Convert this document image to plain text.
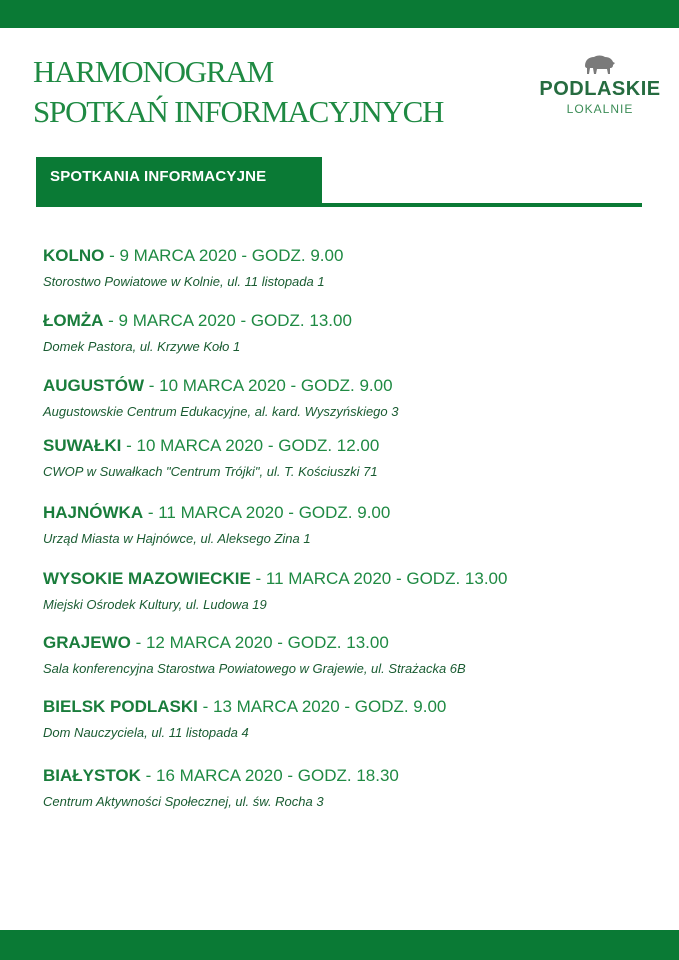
HARMONOGRAM
SPOTKAŃ INFORMACYJNYCH
PODLASKIE
LOKALNIE
SPOTKANIA INFORMACYJNE
KOLNO - 9 MARCA 2020 - GODZ. 9.00
Storostwo Powiatowe w Kolnie, ul. 11 listopada 1
ŁOMŻA - 9 MARCA 2020 - GODZ. 13.00
Domek Pastora, ul. Krzywe Koło 1
AUGUSTÓW - 10 MARCA 2020 - GODZ. 9.00
Augustowskie Centrum Edukacyjne, al. kard. Wyszyńskiego 3
SUWAŁKI - 10 MARCA 2020 - GODZ. 12.00
CWOP w Suwałkach "Centrum Trójki", ul. T. Kościuszki 71
HAJNÓWKA - 11 MARCA 2020 - GODZ. 9.00
Urząd Miasta w Hajnówce, ul. Aleksego Zina 1
WYSOKIE MAZOWIECKIE - 11 MARCA 2020 - GODZ. 13.00
Miejski Ośrodek Kultury, ul. Ludowa 19
GRAJEWO - 12 MARCA 2020 - GODZ. 13.00
Sala konferencyjna Starostwa Powiatowego w Grajewie, ul. Strażacka 6B
BIELSK PODLASKI - 13 MARCA 2020 - GODZ. 9.00
Dom Nauczyciela, ul. 11 listopada 4
BIAŁYSTOK - 16 MARCA 2020 - GODZ. 18.30
Centrum Aktywności Społecznej, ul. św. Rocha 3
